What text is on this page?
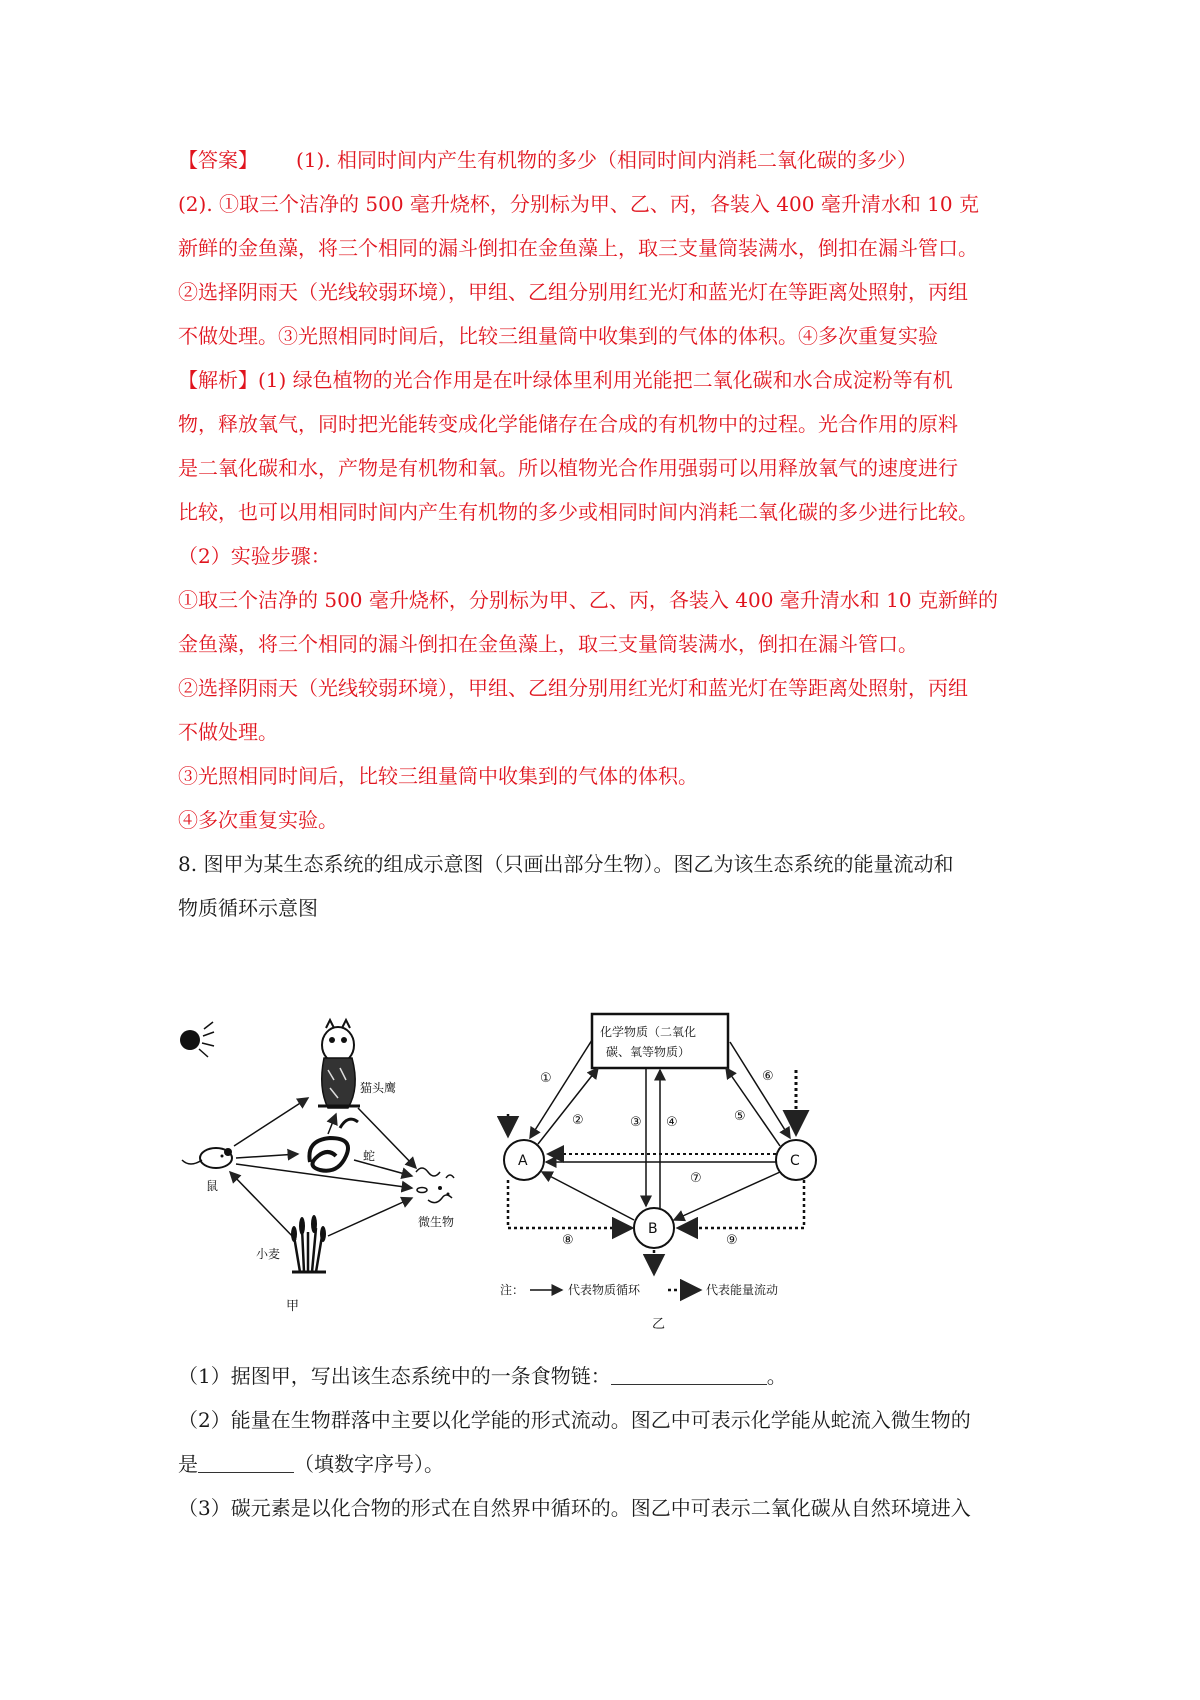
【答案】 (1). 相同时间内产生有机物的多少（相同时间内消耗二氧化碳的多少）
(2). ①取三个洁净的 500 毫升烧杯，分别标为甲、乙、丙，各装入 400 毫升清水和 10 克
新鲜的金鱼藻，将三个相同的漏斗倒扣在金鱼藻上，取三支量筒装满水，倒扣在漏斗管口。
②选择阴雨天（光线较弱环境），甲组、乙组分别用红光灯和蓝光灯在等距离处照射，丙组
不做处理。③光照相同时间后，比较三组量筒中收集到的气体的体积。④多次重复实验
【解析】(1) 绿色植物的光合作用是在叶绿体里利用光能把二氧化碳和水合成淀粉等有机
物，释放氧气，同时把光能转变成化学能储存在合成的有机物中的过程。光合作用的原料
是二氧化碳和水，产物是有机物和氧。所以植物光合作用强弱可以用释放氧气的速度进行
比较，也可以用相同时间内产生有机物的多少或相同时间内消耗二氧化碳的多少进行比较。
（2）实验步骤：
①取三个洁净的 500 毫升烧杯，分别标为甲、乙、丙，各装入 400 毫升清水和 10 克新鲜的
金鱼藻，将三个相同的漏斗倒扣在金鱼藻上，取三支量筒装满水，倒扣在漏斗管口。
②选择阴雨天（光线较弱环境），甲组、乙组分别用红光灯和蓝光灯在等距离处照射，丙组
不做处理。
③光照相同时间后，比较三组量筒中收集到的气体的体积。
④多次重复实验。
8. 图甲为某生态系统的组成示意图（只画出部分生物）。图乙为该生态系统的能量流动和
物质循环示意图
猫头鹰
鼠
蛇
小麦
微生物
甲
化学物质（二氧化
碳、氧等物质）
A
B
C
①
②	③ ④	⑤
⑥
⑦
⑧	⑨
注：	代表物质循环	代表能量流动
乙
（1）据图甲，写出该生态系统中的一条食物链：	。
（2）能量在生物群落中主要以化学能的形式流动。图乙中可表示化学能从蛇流入微生物的
是	（填数字序号）。
（3）碳元素是以化合物的形式在自然界中循环的。图乙中可表示二氧化碳从自然环境进入
